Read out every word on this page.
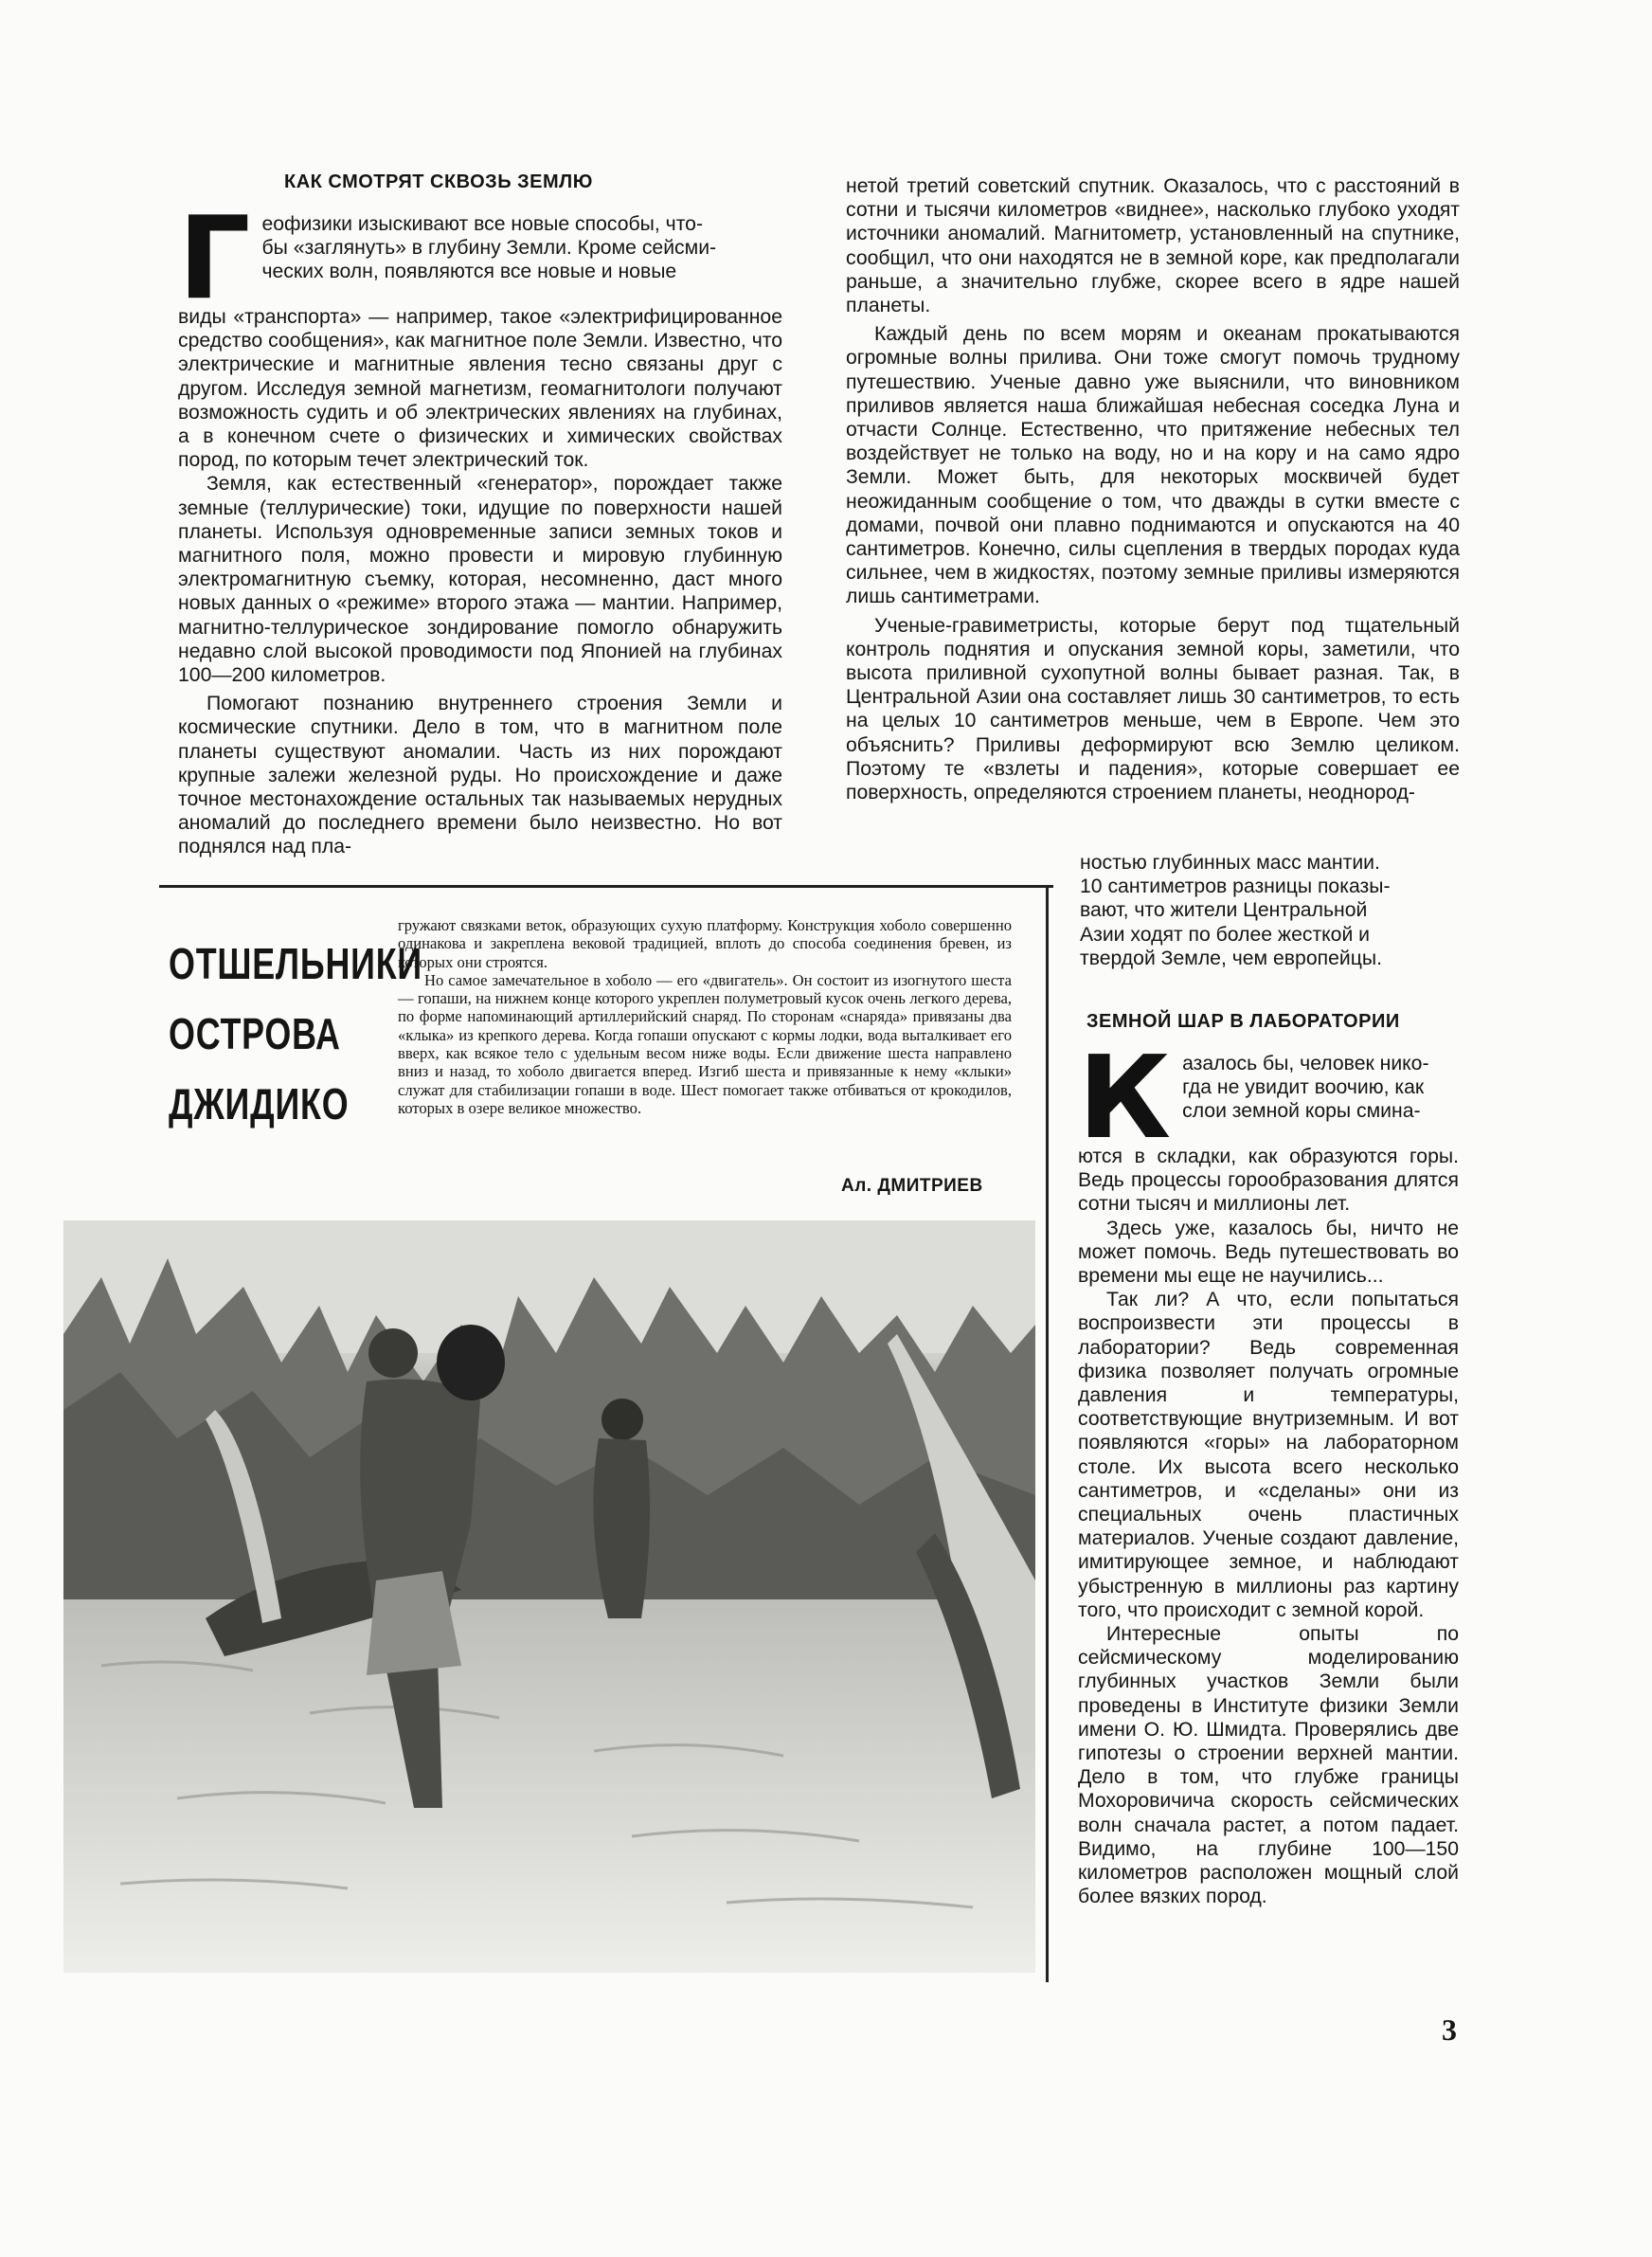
КАК СМОТРЯТ СКВОЗЬ ЗЕМЛЮ
Г еофизики изыскивают все новые способы, что-

бы «заглянуть» в глубину Земли. Кроме сейсми-

ческих волн, появляются все новые и новые

виды «транспорта» — например, такое «электрифицированное средство сообщения», как магнитное поле Земли. Известно, что электрические и магнитные явления тесно связаны друг с другом. Исследуя земной магнетизм, геомагнитологи получают возможность судить и об электрических явлениях на глубинах, а в конечном счете о физических и химических свойствах пород, по которым течет электрический ток.

Земля, как естественный «генератор», порождает также земные (теллурические) токи, идущие по поверхности нашей планеты. Используя одновременные записи земных токов и магнитного поля, можно провести и мировую глубинную электромагнитную съемку, которая, несомненно, даст много новых данных о «режиме» второго этажа — мантии. Например, магнитно-теллурическое зондирование помогло обнаружить недавно слой высокой проводимости под Японией на глубинах 100—200 километров.

Помогают познанию внутреннего строения Земли и космические спутники. Дело в том, что в магнитном поле планеты существуют аномалии. Часть из них порождают крупные залежи железной руды. Но происхождение и даже точное местонахождение остальных так называемых нерудных аномалий до последнего времени было неизвестно. Но вот поднялся над пла-

нетой третий советский спутник. Оказалось, что с расстояний в сотни и тысячи километров «виднее», насколько глубоко уходят источники аномалий. Магнитометр, установленный на спутнике, сообщил, что они находятся не в земной коре, как предполагали раньше, а значительно глубже, скорее всего в ядре нашей планеты.

Каждый день по всем морям и океанам прокатываются огромные волны прилива. Они тоже смогут помочь трудному путешествию. Ученые давно уже выяснили, что виновником приливов является наша ближайшая небесная соседка Луна и отчасти Солнце. Естественно, что притяжение небесных тел воздействует не только на воду, но и на кору и на само ядро Земли. Может быть, для некоторых москвичей будет неожиданным сообщение о том, что дважды в сутки вместе с домами, почвой они плавно поднимаются и опускаются на 40 сантиметров. Конечно, силы сцепления в твердых породах куда сильнее, чем в жидкостях, поэтому земные приливы измеряются лишь сантиметрами.

Ученые-гравиметристы, которые берут под тщательный контроль поднятия и опускания земной коры, заметили, что высота приливной сухопутной волны бывает разная. Так, в Центральной Азии она составляет лишь 30 сантиметров, то есть на целых 10 сантиметров меньше, чем в Европе. Чем это объяснить? Приливы деформируют всю Землю целиком. Поэтому те «взлеты и падения», которые совершает ее поверхность, определяются строением планеты, неоднород-

ностью глубинных масс мантии.

10 сантиметров разницы показы-

вают, что жители Центральной

Азии ходят по более жесткой и

твердой Земле, чем европейцы.

ОТШЕЛЬНИКИ
ОСТРОВА
ДЖИДИКО

гружают связками веток, образующих сухую платформу. Конструкция хоболо совершенно одинакова и закреплена вековой традицией, вплоть до способа соединения бревен, из которых они строятся.

Но самое замечательное в хоболо — его «двигатель». Он состоит из изогнутого шеста — гопаши, на нижнем конце которого укреплен полуметровый кусок очень легкого дерева, по форме напоминающий артиллерийский снаряд. По сторонам «снаряда» привязаны два «клыка» из крепкого дерева. Когда гопаши опускают с кормы лодки, вода выталкивает его вверх, как всякое тело с удельным весом ниже воды. Если движение шеста направлено вниз и назад, то хоболо двигается вперед. Изгиб шеста и привязанные к нему «клыки» служат для стабилизации гопаши в воде. Шест помогает также отбиваться от крокодилов, которых в озере великое множество.

Ал. ДМИТРИЕВ
ЗЕМНОЙ ШАР В ЛАБОРАТОРИИ
К азалось бы, человек нико-

гда не увидит воочию, как

слои земной коры смина-

ются в складки, как образуются горы. Ведь процессы горообразования длятся сотни тысяч и миллионы лет.

Здесь уже, казалось бы, ничто не может помочь. Ведь путешествовать во времени мы еще не научились...

Так ли? А что, если попытаться воспроизвести эти процессы в лаборатории? Ведь современная физика позволяет получать огромные давления и температуры, соответствующие внутриземным. И вот появляются «горы» на лабораторном столе. Их высота всего несколько сантиметров, и «сделаны» они из специальных очень пластичных материалов. Ученые создают давление, имитирующее земное, и наблюдают убыстренную в миллионы раз картину того, что происходит с земной корой.

Интересные опыты по сейсмическому моделированию глубинных участков Земли были проведены в Институте физики Земли имени О. Ю. Шмидта. Проверялись две гипотезы о строении верхней мантии. Дело в том, что глубже границы Мохоровичича скорость сейсмических волн сначала растет, а потом падает. Видимо, на глубине 100—150 километров расположен мощный слой более вязких пород.

3
